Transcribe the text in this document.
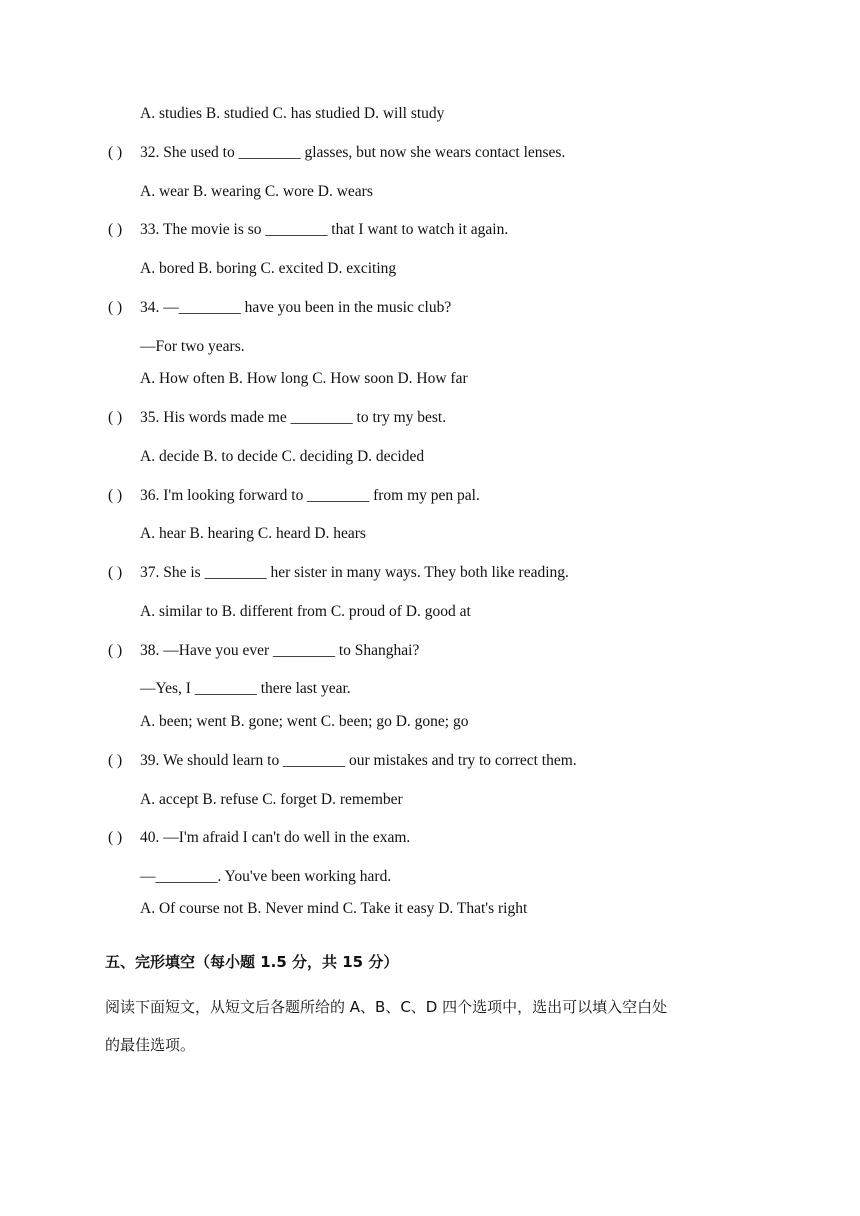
A. studies B. studied C. has studied D. will study
( ) 32. She used to ________ glasses, but now she wears contact lenses.
A. wear B. wearing C. wore D. wears
( ) 33. The movie is so ________ that I want to watch it again.
A. bored B. boring C. excited D. exciting
( ) 34. —________ have you been in the music club?
—For two years.
A. How often B. How long C. How soon D. How far
( ) 35. His words made me ________ to try my best.
A. decide B. to decide C. deciding D. decided
( ) 36. I'm looking forward to ________ from my pen pal.
A. hear B. hearing C. heard D. hears
( ) 37. She is ________ her sister in many ways. They both like reading.
A. similar to B. different from C. proud of D. good at
( ) 38. —Have you ever ________ to Shanghai?
—Yes, I ________ there last year.
A. been; went B. gone; went C. been; go D. gone; go
( ) 39. We should learn to ________ our mistakes and try to correct them.
A. accept B. refuse C. forget D. remember
( ) 40. —I'm afraid I can't do well in the exam.
—________. You've been working hard.
A. Of course not B. Never mind C. Take it easy D. That's right
五、完形填空（每小题 1.5 分，共 15 分）
阅读下面短文，从短文后各题所给的 A、B、C、D 四个选项中，选出可以填入空白处
的最佳选项。
